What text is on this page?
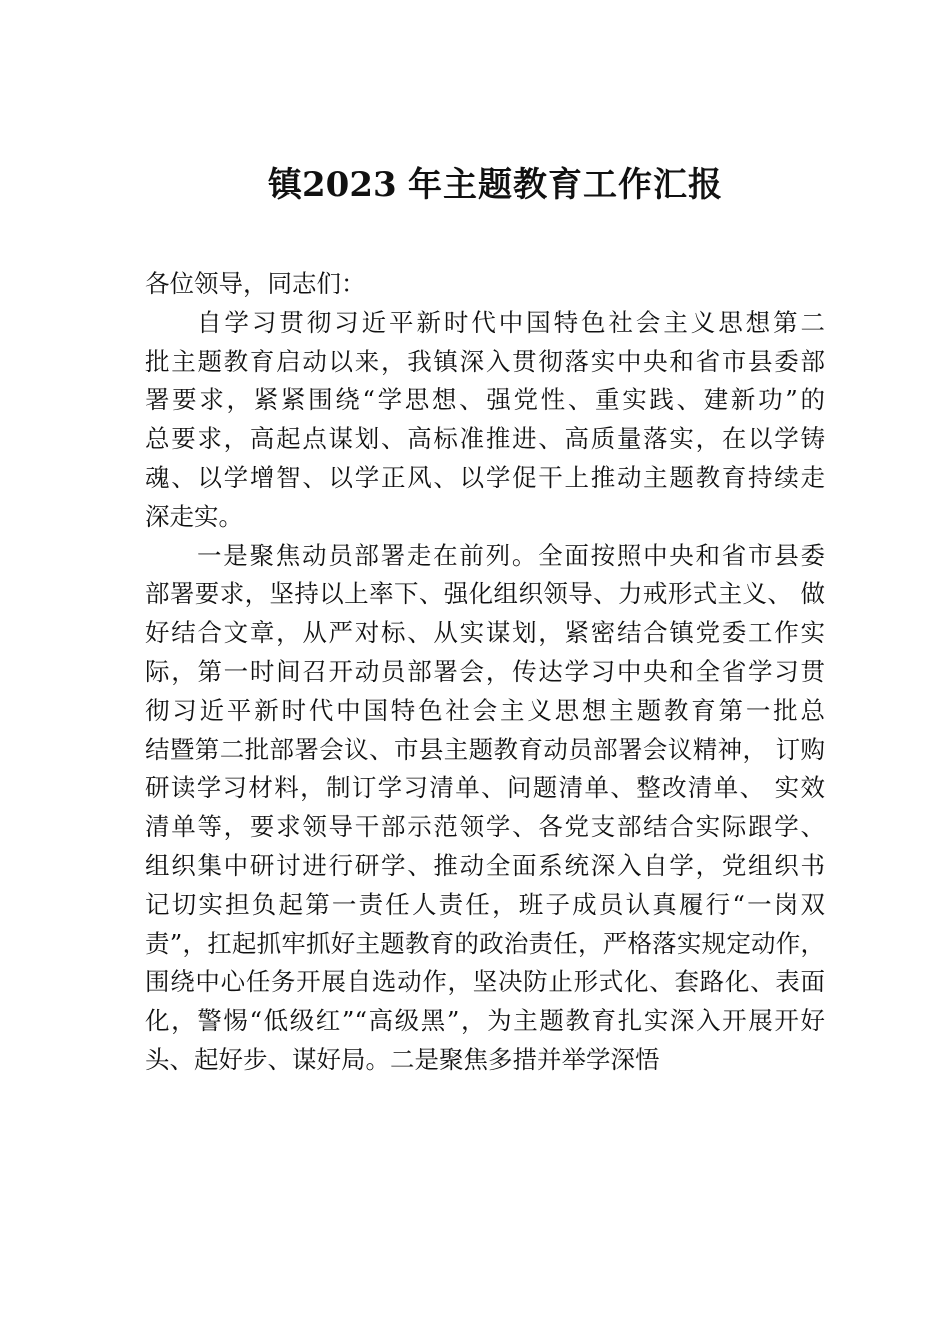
镇2023 年主题教育工作汇报
各位领导，同志们：
自学习贯彻习近平新时代中国特色社会主义思想第二
批主题教育启动以来，我镇深入贯彻落实中央和省市县委部
署要求，紧紧围绕“学思想、强党性、重实践、建新功”的
总要求，高起点谋划、高标准推进、高质量落实，在以学铸
魂、以学增智、以学正风、以学促干上推动主题教育持续走
深走实。
一是聚焦动员部署走在前列。全面按照中央和省市县委
部署要求，坚持以上率下、强化组织领导、力戒形式主义、 做
好结合文章，从严对标、从实谋划，紧密结合镇党委工作实
际，第一时间召开动员部署会，传达学习中央和全省学习贯
彻习近平新时代中国特色社会主义思想主题教育第一批总
结暨第二批部署会议、市县主题教育动员部署会议精神， 订购
研读学习材料，制订学习清单、问题清单、整改清单、 实效
清单等，要求领导干部示范领学、各党支部结合实际跟学、
组织集中研讨进行研学、推动全面系统深入自学，党组织书
记切实担负起第一责任人责任，班子成员认真履行“一岗双
责”，扛起抓牢抓好主题教育的政治责任，严格落实规定动作，
围绕中心任务开展自选动作，坚决防止形式化、套路化、表面
化，警惕“低级红”“高级黑”，为主题教育扎实深入开展开好
头、起好步、谋好局。二是聚焦多措并举学深悟
